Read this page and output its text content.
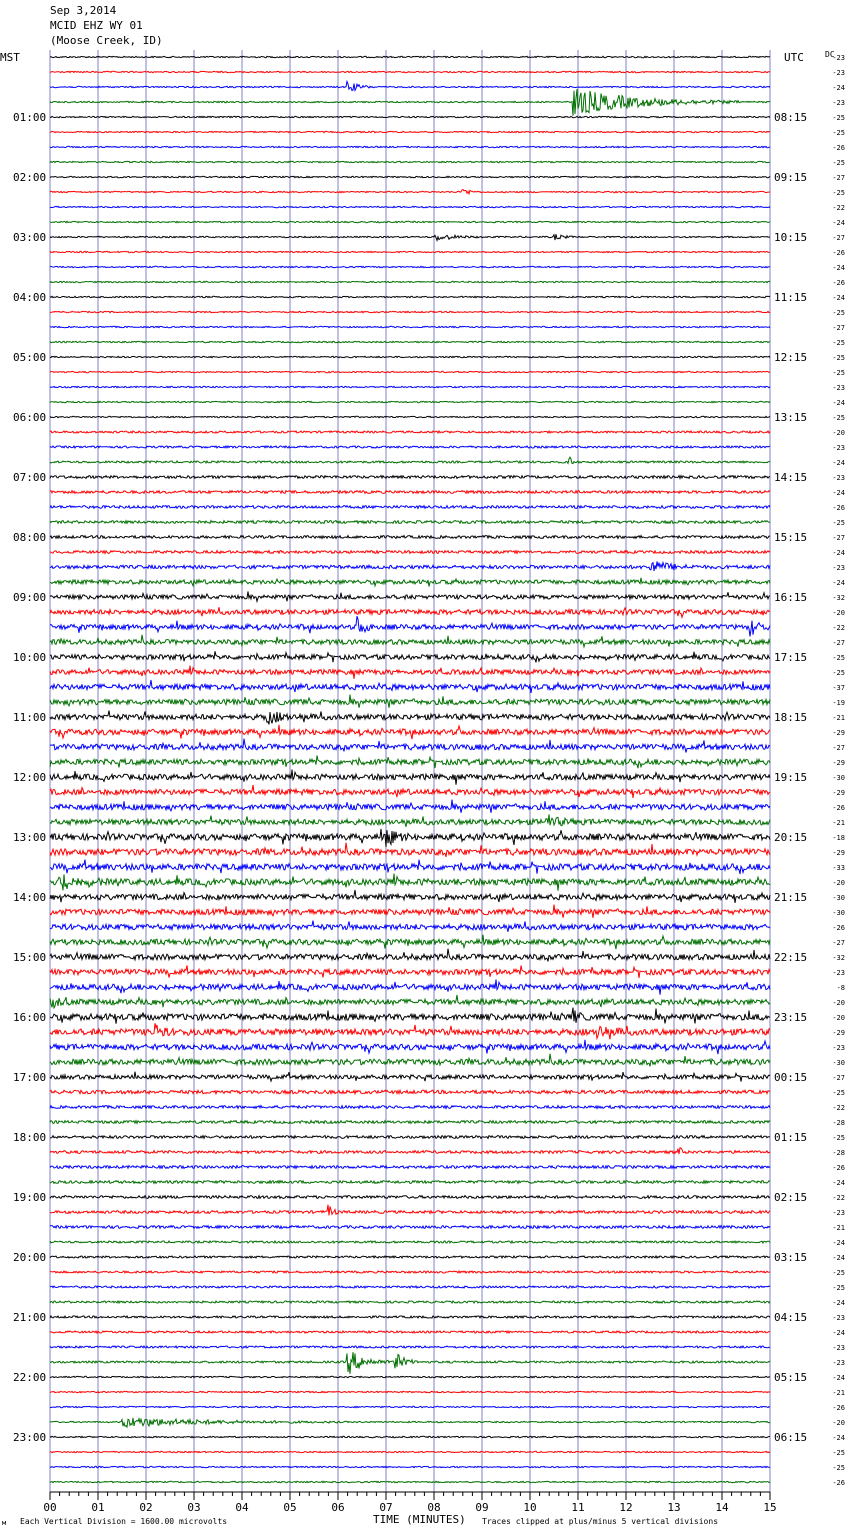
Sep 3,2014
MCID EHZ WY 01
(Moose Creek, ID)
MST	UTC	DC
TIME (MINUTES)
Each Vertical Division = 1600.00 microvolts	Traces clipped at plus/minus 5 vertical divisions
м
01:00
02:00
03:00
04:00
05:00
06:00
07:00
08:00
09:00
10:00
11:00
12:00
13:00
14:00
15:00
16:00
17:00
18:00
19:00
20:00
21:00
22:00
23:00
08:15
09:15
10:15
11:15
12:15
13:15
14:15
15:15
16:15
17:15
18:15
19:15
20:15
21:15
22:15
23:15
00:15
01:15
02:15
03:15
04:15
05:15
06:15
-23
-23
-24
-23
-25
-25
-26
-25
-27
-25
-22
-24
-27
-26
-24
-26
-24
-25
-27
-25
-25
-25
-23
-24
-25
-20
-23
-24
-23
-24
-26
-25
-27
-24
-23
-24
-32
-20
-22
-27
-25
-25
-37
-19
-21
-29
-27
-29
-30
-29
-26
-21
-18
-29
-33
-20
-30
-30
-26
-27
-32
-23
-8
-20
-20
-29
-23
-30
-27
-25
-22
-28
-25
-28
-26
-24
-22
-23
-21
-24
-24
-25
-25
-24
-23
-24
-23
-23
-24
-21
-26
-20
-24
-25
-25
-26
00	01	02	03	04	05	06	07	08	09	10	11	12	13	14	15
